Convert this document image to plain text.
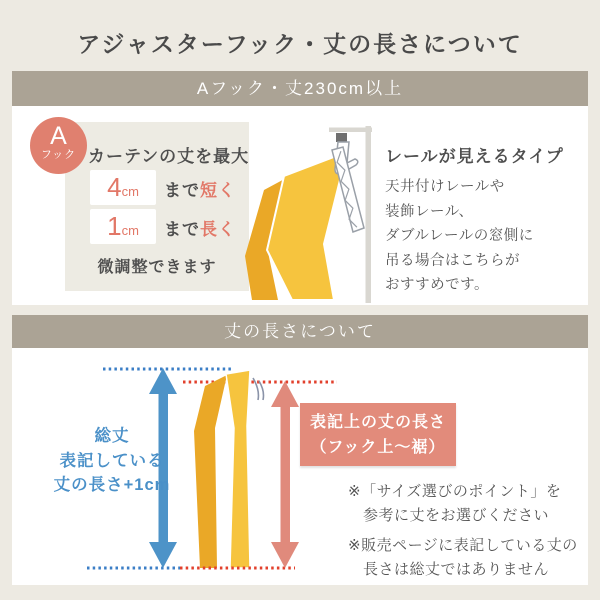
アジャスターフック・丈の長さについて
Aフック・丈230cm以上
A
フック カーテンの丈を最大
4cm	まで短く
1cm	まで長く
微調整できます
レールが見えるタイプ
天井付けレールや
装飾レール、
ダブルレールの窓側に
吊る場合はこちらが
おすすめです。
丈の長さについて
総丈
表記している
丈の長さ+1cm
表記上の丈の長さ
（フック上〜裾）
※「サイズ選びのポイント」を
参考に丈をお選びください
※販売ページに表記している丈の
長さは総丈ではありません
